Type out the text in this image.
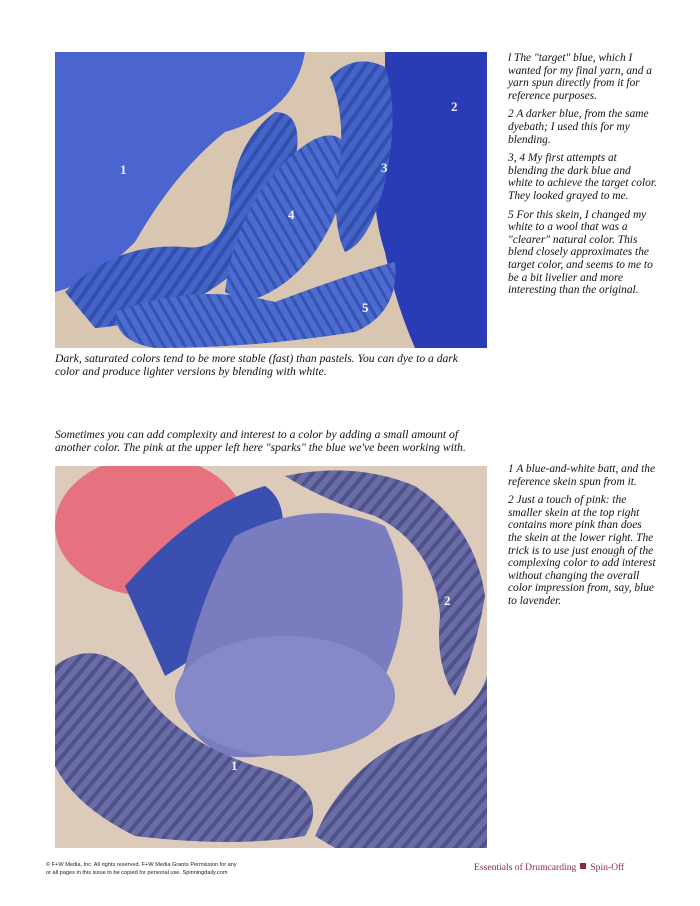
1
2
3
4
5

l The "target" blue, which I wanted for my final yarn, and a yarn spun directly from it for reference purposes.

2 A darker blue, from the same dyebath; I used this for my blending.

3, 4 My first attempts at blending the dark blue and white to achieve the target color. They looked grayed to me.

5 For this skein, I changed my white to a wool that was a "clearer" natural color. This blend closely approximates the target color, and seems to me to be a bit livelier and more interesting than the original.

Dark, saturated colors tend to be more stable (fast) than pastels. You can dye to a dark color and produce lighter versions by blending with white.
Sometimes you can add complexity and interest to a color by adding a small amount of another color. The pink at the upper left here "sparks" the blue we've been working with.
1
2

1 A blue-and-white batt, and the reference skein spun from it.

2 Just a touch of pink: the smaller skein at the top right contains more pink than does the skein at the lower right. The trick is to use just enough of the complexing color to add interest without changing the overall color impression from, say, blue to lavender.

© F+W Media, Inc. All rights reserved. F+W Media Grants Permission for any
or all pages in this issue to be copied for personal use. Spinningdaily.com	Essentials of Drumcarding Spin-Off
